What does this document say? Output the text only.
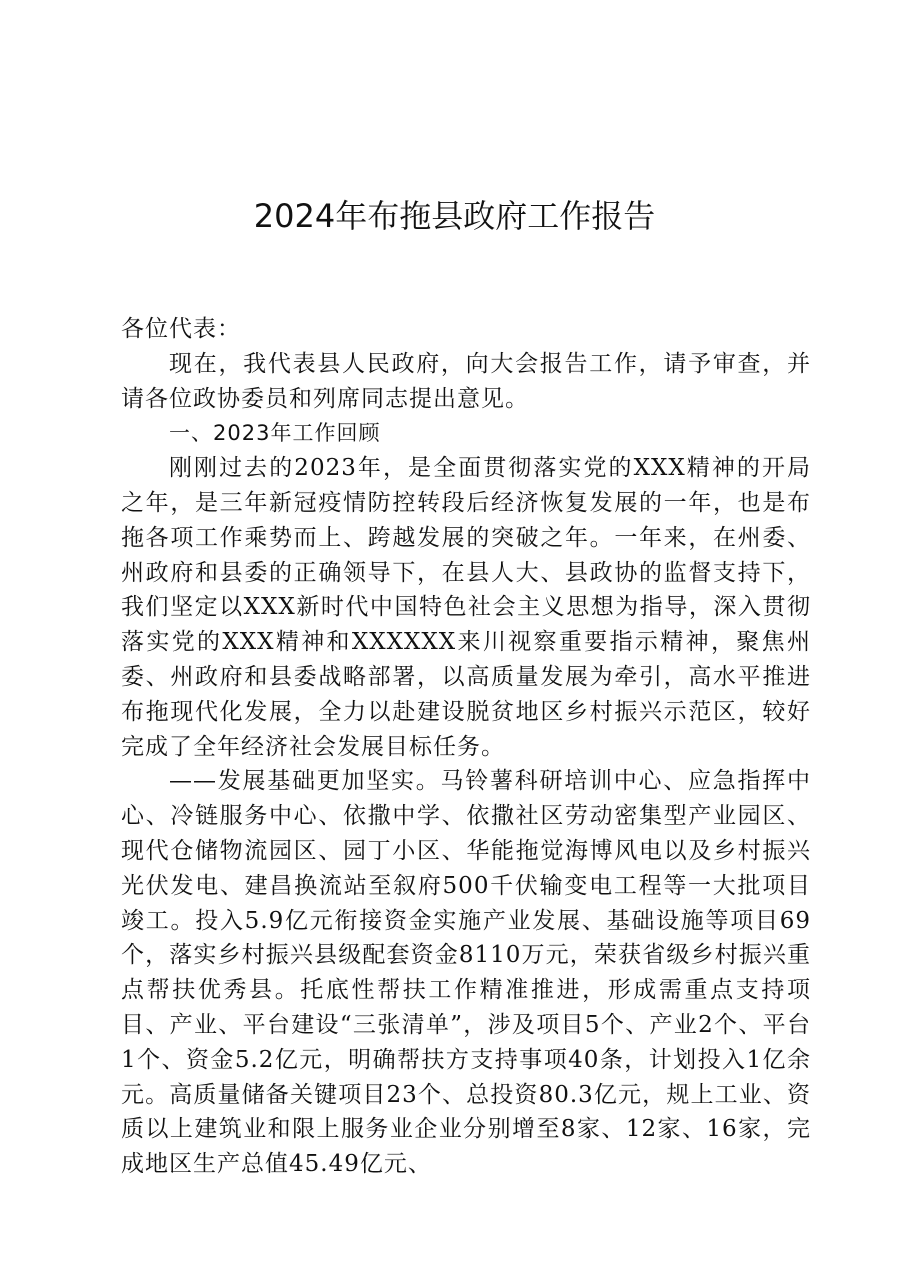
2024年布拖县政府工作报告

各位代表：

现在，我代表县人民政府，向大会报告工作，请予审查，并请各位政协委员和列席同志提出意见。

一、2023年工作回顾

刚刚过去的2023年，是全面贯彻落实党的XXX精神的开局之年，是三年新冠疫情防控转段后经济恢复发展的一年，也是布拖各项工作乘势而上、跨越发展的突破之年。一年来，在州委、州政府和县委的正确领导下，在县人大、县政协的监督支持下，我们坚定以XXX新时代中国特色社会主义思想为指导，深入贯彻落实党的XXX精神和XXXXXX来川视察重要指示精神，聚焦州委、州政府和县委战略部署，以高质量发展为牵引，高水平推进布拖现代化发展，全力以赴建设脱贫地区乡村振兴示范区，较好完成了全年经济社会发展目标任务。

——发展基础更加坚实。马铃薯科研培训中心、应急指挥中心、冷链服务中心、依撒中学、依撒社区劳动密集型产业园区、现代仓储物流园区、园丁小区、华能拖觉海博风电以及乡村振兴光伏发电、建昌换流站至叙府500千伏输变电工程等一大批项目竣工。投入5.9亿元衔接资金实施产业发展、基础设施等项目69个，落实乡村振兴县级配套资金8110万元，荣获省级乡村振兴重点帮扶优秀县。托底性帮扶工作精准推进，形成需重点支持项目、产业、平台建设“三张清单”，涉及项目5个、产业2个、平台1个、资金5.2亿元，明确帮扶方支持事项40条，计划投入1亿余元。高质量储备关键项目23个、总投资80.3亿元，规上工业、资质以上建筑业和限上服务业企业分别增至8家、12家、16家，完成地区生产总值45.49亿元、
